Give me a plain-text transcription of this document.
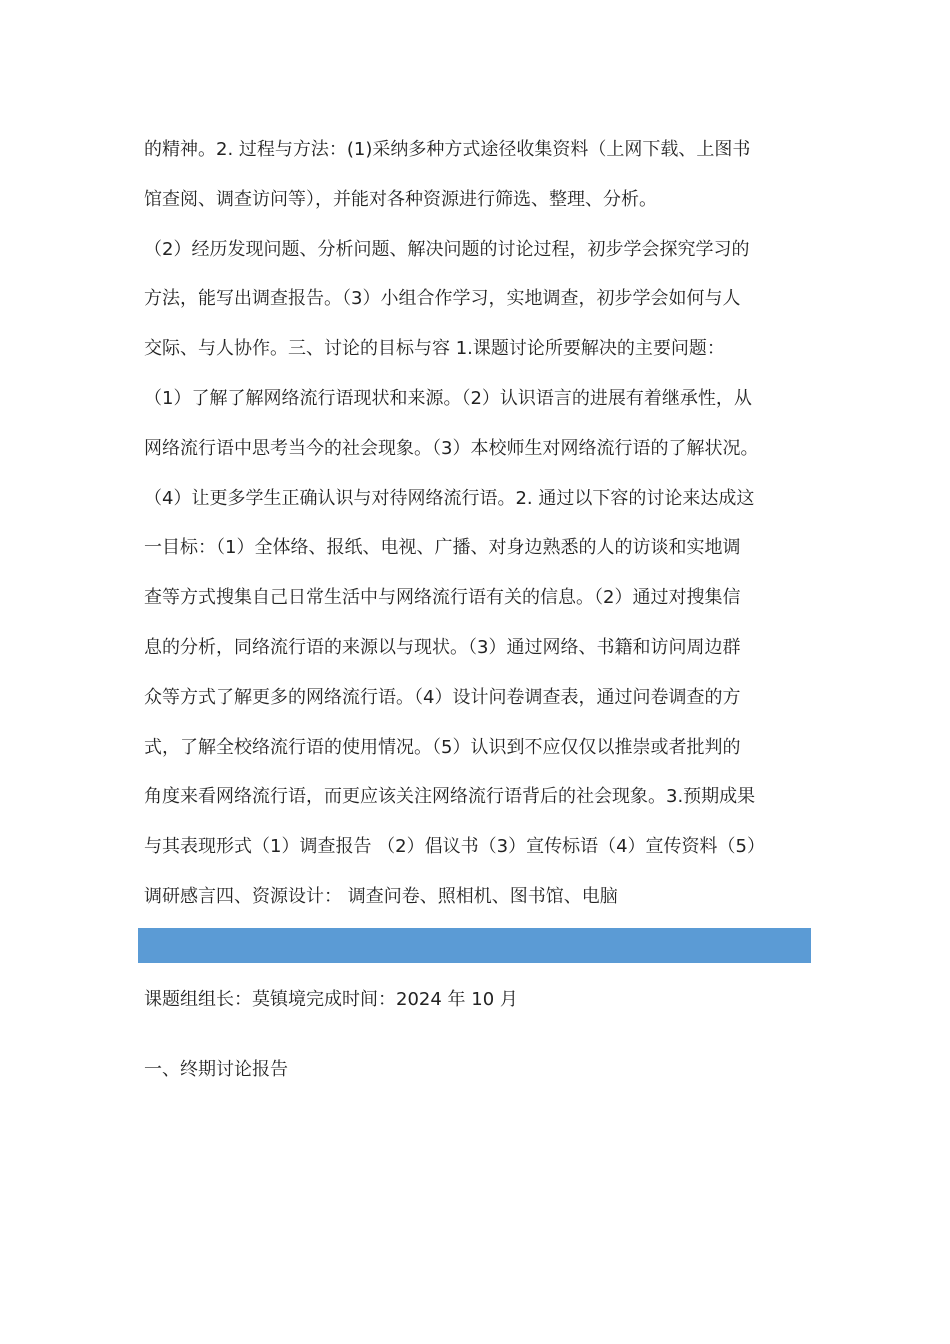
的精神。2. 过程与方法：(1)采纳多种方式途径收集资料（上网下载、上图书
馆查阅、调查访问等），并能对各种资源进行筛选、整理、分析。
（2）经历发现问题、分析问题、解决问题的讨论过程，初步学会探究学习的
方法，能写出调查报告。（3）小组合作学习，实地调查，初步学会如何与人
交际、与人协作。三、讨论的目标与容 1.课题讨论所要解决的主要问题：
（1）了解了解网络流行语现状和来源。（2）认识语言的进展有着继承性，从
网络流行语中思考当今的社会现象。（3）本校师生对网络流行语的了解状况。
（4）让更多学生正确认识与对待网络流行语。2. 通过以下容的讨论来达成这
一目标：（1）全体络、报纸、电视、广播、对身边熟悉的人的访谈和实地调
查等方式搜集自己日常生活中与网络流行语有关的信息。（2）通过对搜集信
息的分析，同络流行语的来源以与现状。（3）通过网络、书籍和访问周边群
众等方式了解更多的网络流行语。（4）设计问卷调查表，通过问卷调查的方
式，了解全校络流行语的使用情况。（5）认识到不应仅仅以推崇或者批判的
角度来看网络流行语，而更应该关注网络流行语背后的社会现象。3.预期成果
与其表现形式（1）调查报告 （2）倡议书（3）宣传标语（4）宣传资料（5）
调研感言四、资源设计： 调查问卷、照相机、图书馆、电脑
课题组组长：莫镇境完成时间：2024 年 10 月
一、终期讨论报告
